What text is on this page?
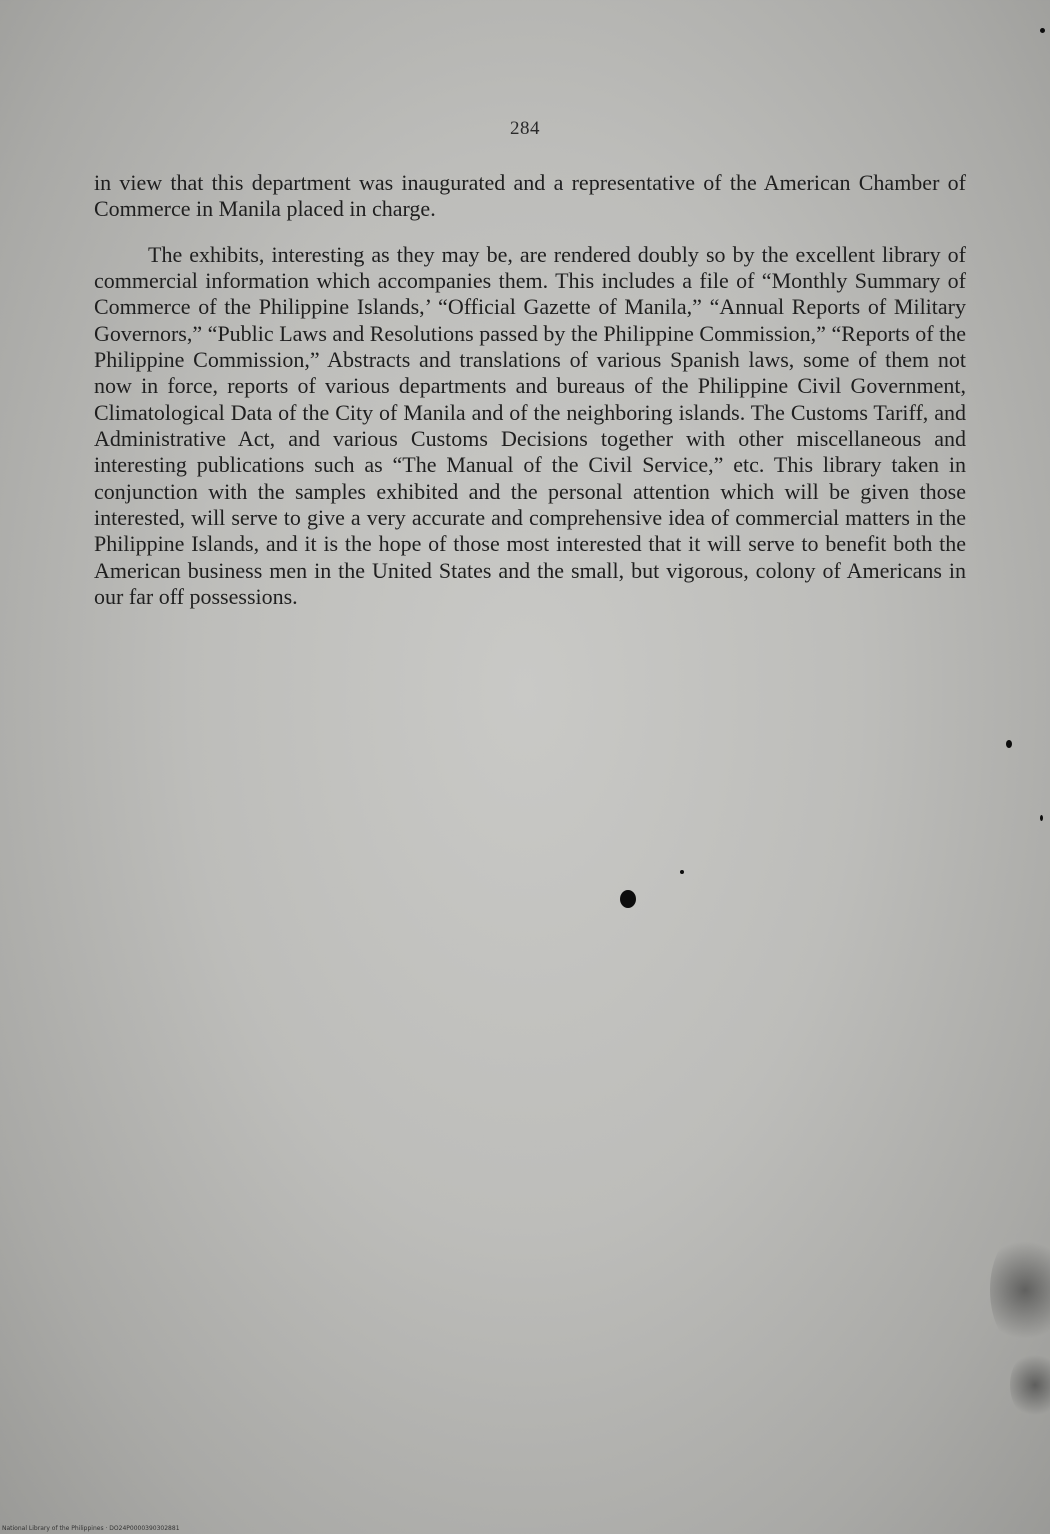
284

in view that this department was inaugurated and a representative of the American Chamber of Commerce in Manila placed in charge.

The exhibits, interesting as they may be, are rendered doubly so by the excellent library of commercial information which accompanies them. This includes a file of “Monthly Summary of Commerce of the Philippine Islands,’ “Official Gazette of Manila,” “Annual Reports of Military Governors,” “Public Laws and Resolutions passed by the Philippine Commission,” “Reports of the Philippine Commission,” Abstracts and translations of various Spanish laws, some of them not now in force, reports of various departments and bureaus of the Philippine Civil Government, Climatological Data of the City of Manila and of the neighboring islands. The Customs Tariff, and Administrative Act, and various Customs Decisions together with other miscellaneous and interesting publications such as “The Manual of the Civil Service,” etc. This library taken in conjunction with the samples exhibited and the personal attention which will be given those interested, will serve to give a very accurate and comprehensive idea of commercial matters in the Philippine Islands, and it is the hope of those most interested that it will serve to benefit both the American business men in the United States and the small, but vigorous, colony of Americans in our far off possessions.

National Library of the Philippines · DO24P0000390302881
